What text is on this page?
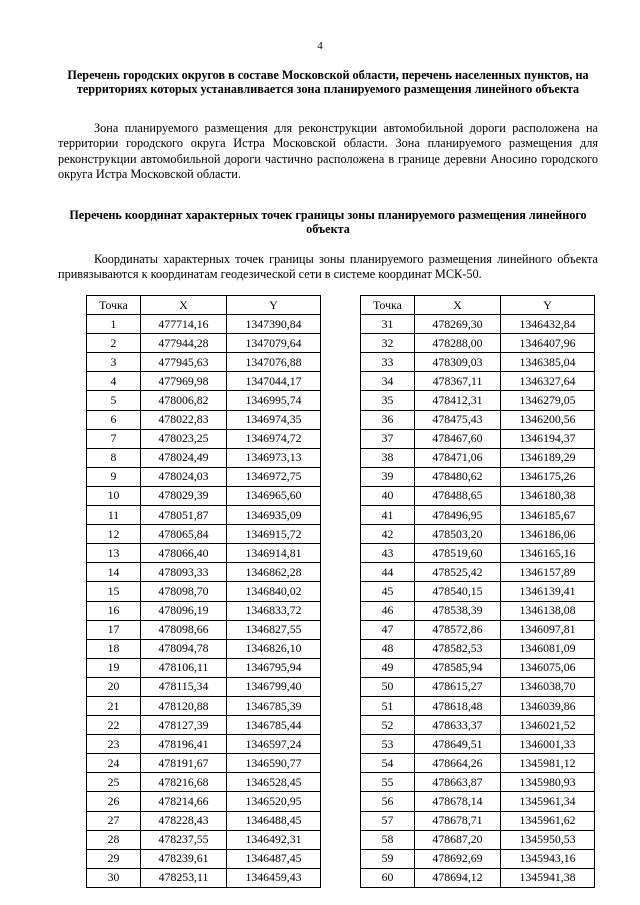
4
Перечень городских округов в составе Московской области, перечень населенных пунктов, на территориях которых устанавливается зона планируемого размещения линейного объекта
Зона планируемого размещения для реконструкции автомобильной дороги расположена на территории городского округа Истра Московской области. Зона планируемого размещения для реконструкции автомобильной дороги частично расположена в границе деревни Аносино городского округа Истра Московской области.
Перечень координат характерных точек границы зоны планируемого размещения линейного объекта
Координаты характерных точек границы зоны планируемого размещения линейного объекта привязываются к координатам геодезической сети в системе координат МСК-50.
Точка	X	Y
1	477714,16	1347390,84
2	477944,28	1347079,64
3	477945,63	1347076,88
4	477969,98	1347044,17
5	478006,82	1346995,74
6	478022,83	1346974,35
7	478023,25	1346974,72
8	478024,49	1346973,13
9	478024,03	1346972,75
10	478029,39	1346965,60
11	478051,87	1346935,09
12	478065,84	1346915,72
13	478066,40	1346914,81
14	478093,33	1346862,28
15	478098,70	1346840,02
16	478096,19	1346833,72
17	478098,66	1346827,55
18	478094,78	1346826,10
19	478106,11	1346795,94
20	478115,34	1346799,40
21	478120,88	1346785,39
22	478127,39	1346785,44
23	478196,41	1346597,24
24	478191,67	1346590,77
25	478216,68	1346528,45
26	478214,66	1346520,95
27	478228,43	1346488,45
28	478237,55	1346492,31
29	478239,61	1346487,45
30	478253,11	1346459,43
Точка	X	Y
31	478269,30	1346432,84
32	478288,00	1346407,96
33	478309,03	1346385,04
34	478367,11	1346327,64
35	478412,31	1346279,05
36	478475,43	1346200,56
37	478467,60	1346194,37
38	478471,06	1346189,29
39	478480,62	1346175,26
40	478488,65	1346180,38
41	478496,95	1346185,67
42	478503,20	1346186,06
43	478519,60	1346165,16
44	478525,42	1346157,89
45	478540,15	1346139,41
46	478538,39	1346138,08
47	478572,86	1346097,81
48	478582,53	1346081,09
49	478585,94	1346075,06
50	478615,27	1346038,70
51	478618,48	1346039,86
52	478633,37	1346021,52
53	478649,51	1346001,33
54	478664,26	1345981,12
55	478663,87	1345980,93
56	478678,14	1345961,34
57	478678,71	1345961,62
58	478687,20	1345950,53
59	478692,69	1345943,16
60	478694,12	1345941,38
